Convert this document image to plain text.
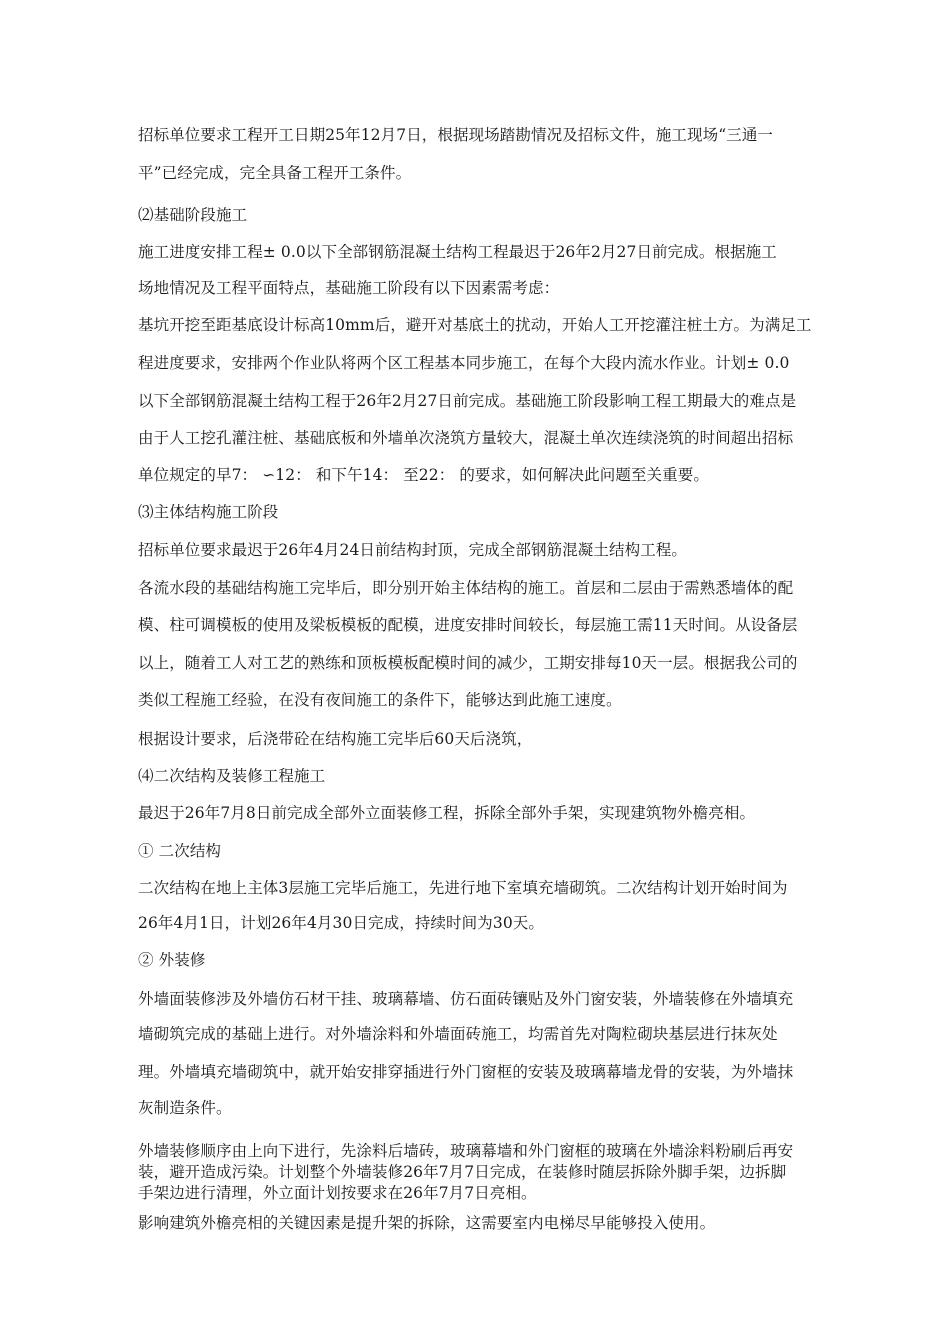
招标单位要求工程开工日期25年12月7日，根据现场踏勘情况及招标文件，施工现场“三通一
平”已经完成，完全具备工程开工条件。
⑵基础阶段施工
施工进度安排工程± 0.0以下全部钢筋混凝土结构工程最迟于26年2月27日前完成。根据施工
场地情况及工程平面特点，基础施工阶段有以下因素需考虑：
基坑开挖至距基底设计标高10mm后，避开对基底土的扰动，开始人工开挖灌注桩土方。为满足工
程进度要求，安排两个作业队将两个区工程基本同步施工，在每个大段内流水作业。计划± 0.0
以下全部钢筋混凝土结构工程于26年2月27日前完成。基础施工阶段影响工程工期最大的难点是
由于人工挖孔灌注桩、基础底板和外墙单次浇筑方量较大，混凝土单次连续浇筑的时间超出招标
单位规定的早7： ∽12： 和下午14： 至22： 的要求，如何解决此问题至关重要。
⑶主体结构施工阶段
招标单位要求最迟于26年4月24日前结构封顶，完成全部钢筋混凝土结构工程。
各流水段的基础结构施工完毕后，即分别开始主体结构的施工。首层和二层由于需熟悉墙体的配
模、柱可调模板的使用及梁板模板的配模，进度安排时间较长，每层施工需11天时间。从设备层
以上，随着工人对工艺的熟练和顶板模板配模时间的减少，工期安排每10天一层。根据我公司的
类似工程施工经验，在没有夜间施工的条件下，能够达到此施工速度。
根据设计要求，后浇带砼在结构施工完毕后60天后浇筑，
⑷二次结构及装修工程施工
最迟于26年7月8日前完成全部外立面装修工程，拆除全部外手架，实现建筑物外檐亮相。
① 二次结构
二次结构在地上主体3层施工完毕后施工，先进行地下室填充墙砌筑。二次结构计划开始时间为
26年4月1日，计划26年4月30日完成，持续时间为30天。
② 外装修
外墙面装修涉及外墙仿石材干挂、玻璃幕墙、仿石面砖镶贴及外门窗安装，外墙装修在外墙填充
墙砌筑完成的基础上进行。对外墙涂料和外墙面砖施工，均需首先对陶粒砌块基层进行抹灰处
理。外墙填充墙砌筑中，就开始安排穿插进行外门窗框的安装及玻璃幕墙龙骨的安装，为外墙抹
灰制造条件。
外墙装修顺序由上向下进行，先涂料后墙砖，玻璃幕墙和外门窗框的玻璃在外墙涂料粉刷后再安
装，避开造成污染。计划整个外墙装修26年7月7日完成，在装修时随层拆除外脚手架，边拆脚
手架边进行清理，外立面计划按要求在26年7月7日亮相。
影响建筑外檐亮相的关键因素是提升架的拆除，这需要室内电梯尽早能够投入使用。
